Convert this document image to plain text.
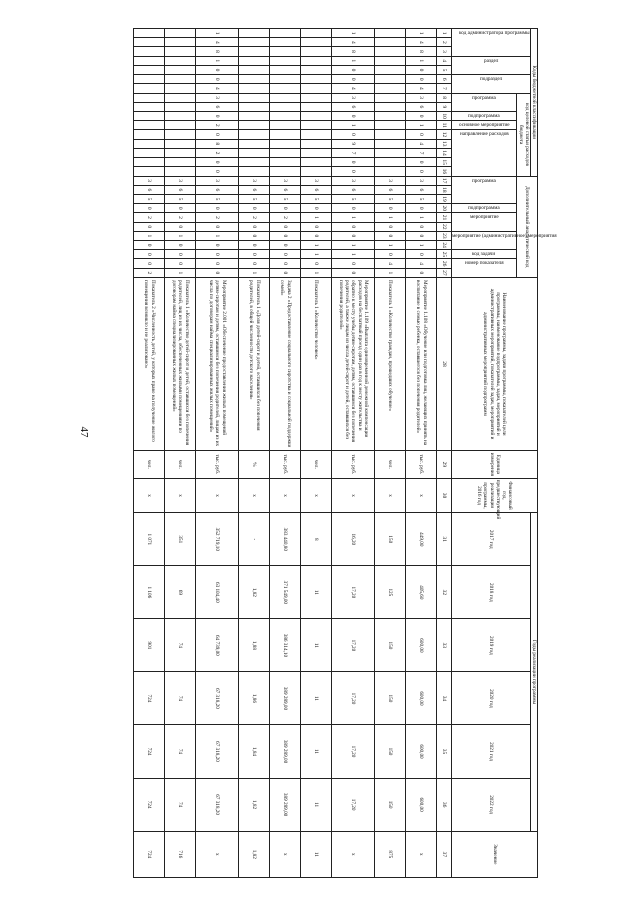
47
Коды бюджетной классификации																Дополнительный аналитический код											Наименование программы, задачи программы, показателей цели программы, наименование подпрограммы, задач, мероприятий и административных мероприятий, показателей задач, мероприятий и административных мероприятий подпрограмм	Единица измерения	Финансовый год, предшествующий реализации программы, 2016 год	Годы реализации программы						Значение

код администратора программы			раздел		подраздел		код целевой статьи расходов бюджета																							2017 год	2018 год	2019 год	2020 год	2021 год	2022 год	

							программа		подпрограмма	основное мероприятие	направление расходов					программа			подпрограмма	мероприятие		мероприятие (административное) мероприятия		код задачи	номер показателя											

1	2	3	4	5	6	7	8	9	10	11	12	13	14	15	16	17	18	19	20	21	22	23	24	25	26	27	28	29	30	31	32	33	34	35	36	37
1	4	8	1	0	0	4	3	6	0	1	0	4	7	0	0	3	6	5	0	1	0	0	1	0	4	0	Мероприятие 1.108 «Обучение или подготовка лиц, желающих принять на воспитание в семью ребенка, оставшегося без попечения родителей»	тыс. руб.	х	449,00	405,60	600,00	600,00	600,00	600,00	х
																3	6	5	0	1	0	0	1	0	4	1	Показатель 1 «Количество граждан, прошедших обучение»	чел.	х	150	125	150	150	150	150	875
1	4	8	1	0	0	4	3	6	0	1	0	9	7	0	0	3	6	5	0	1	0	0	1	1	0	0	Мероприятие 1.109 «Выплата единовременной денежной компенсации расходов на бесплатный проезд один раз в год к месту жительства и обратно к месту учебы детям-сиротам, детям, оставшимся без попечения родителей, а также лицам из числа детей-сирот и детей, оставшихся без попечения родителей»	тыс. руб.	х	16,20	17,20	17,20	17,20	17,20	17,20	х
																3	6	5	0	1	0	0	1	1	0	1	Показатель 1 «Количество человек»	чел.	х	8	11	11	11	11	11	11
																3	6	5	0	2	0	0	0	0	0	0	Задача 2 «Предоставление социального сиротства и социальной поддержки семей»	тыс. руб.	х	383 440,80	371 549,00	386 314,10	389 289,00	389 289,00	389 289,00	х
																3	6	5	0	2	0	0	0	0	0	1	Показатель 1 «Доля детей-сирот и детей, оставшихся без попечения родителей, в общей численности детского населения»	%	х	-	1,82	1,88	1,86	1,84	1,82	1,82
1	4	8	1	0	0	4	3	6	0	2	0	8	2	0	0	3	6	5	0	2	0	1	0	0	0	0	Мероприятие 2.001 «Обеспечение предоставления жилых помещений детям-сиротам и детям, оставшимся без попечения родителей, лицам из их числа по договорам найма специализированных жилых помещений»	тыс. руб.	х	352 719,10	63 104,40	64 739,00	67 318,20	67 318,20	67 318,20	х
																3	6	5	0	2	0	1	0	0	0	1	Показатель 1 «Количество детей-сирот и детей, оставшихся без попечения родителей, лиц из их числа, обеспеченных жилыми помещениями по договорам найма специализированных жилых помещений»	чел.	х	351	69	74	74	74	74	716
																3	6	5	0	2	0	1	0	0	0	2	Показатель 2 «Численность детей, у которых право на получение жилого помещения возникло и не реализовано»	чел.	х	1 071	1 106	901	724	724	724	724
